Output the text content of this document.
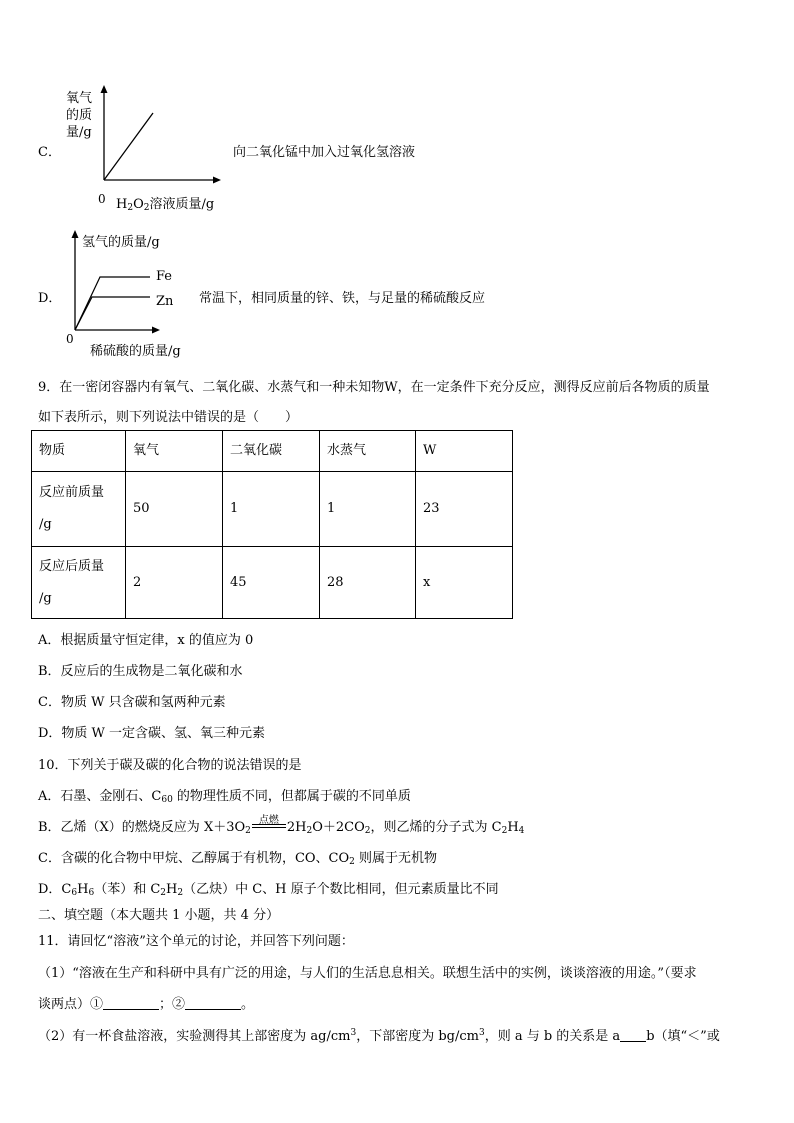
C．
氧气
的质
量/g
0 $H_2O_2$溶液质量/g
向二氧化锰中加入过氧化氢溶液
D．
氢气的质量/g
Fe
Zn
0
稀硫酸的质量/g
常温下，相同质量的锌、铁，与足量的稀硫酸反应
9．在一密闭容器内有氧气、二氧化碳、水蒸气和一种未知物W，在一定条件下充分反应，测得反应前后各物质的质量
如下表所示，则下列说法中错误的是（　　）
物质	氧气	二氧化碳	水蒸气	W

反应前质量
/g	50	1	1	23

反应后质量
/g	2	45	28	x
A．根据质量守恒定律，x 的值应为 0
B．反应后的生成物是二氧化碳和水
C．物质 W 只含碳和氢两种元素
D．物质 W 一定含碳、氢、氧三种元素
10．下列关于碳及碳的化合物的说法错误的是
A．石墨、金刚石、$C_{60}$ 的物理性质不同，但都属于碳的不同单质
B．乙烯（X）的燃烧反应为 $X+3O_2$
点燃 $2H_2O+2CO_2$，则乙烯的分子式为 $C_2H_4$
C．含碳的化合物中甲烷、乙醇属于有机物，CO、$CO_2$ 则属于无机物
D．$C_6H_6$（苯）和 $C_2H_2$（乙炔）中 C、H 原子个数比相同，但元素质量比不同
二、填空题（本大题共 1 小题，共 4 分）
11．请回忆“溶液”这个单元的讨论，并回答下列问题：
（1）“溶液在生产和科研中具有广泛的用途，与人们的生活息息相关。联想生活中的实例，谈谈溶液的用途。”（要求
谈两点）①	；②	。
（2）有一杯食盐溶液，实验测得其上部密度为 $ag/cm^3$，下部密度为 $bg/cm^3$，则 a 与 b 的关系是 a b（填“＜”或
